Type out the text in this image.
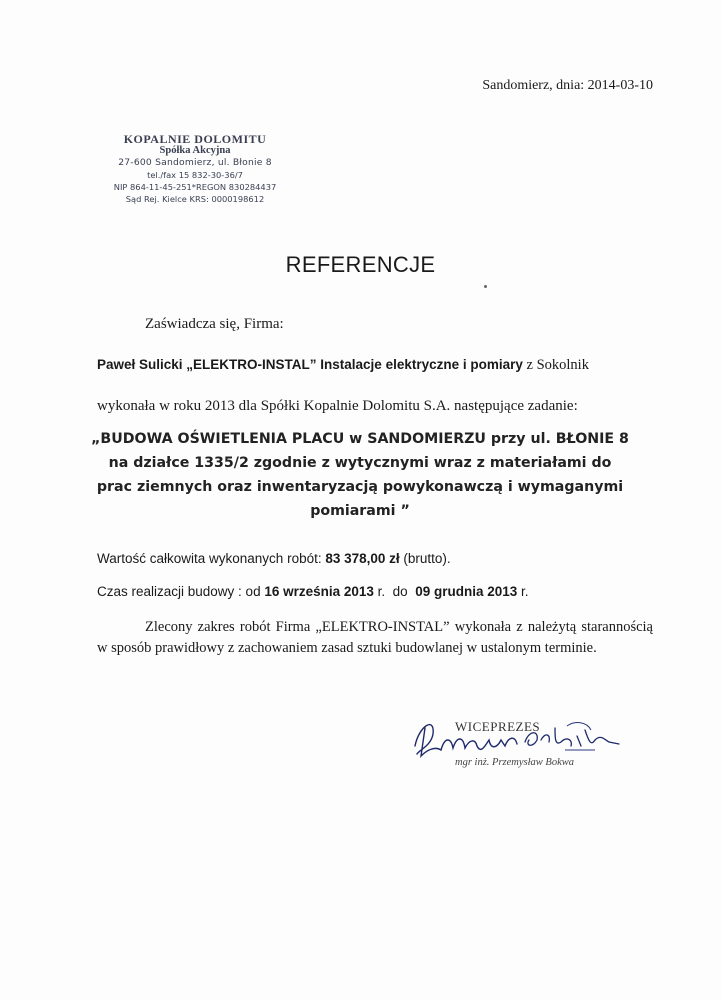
Sandomierz, dnia: 2014-03-10
KOPALNIE DOLOMITU
Spółka Akcyjna
27-600 Sandomierz, ul. Błonie 8
tel./fax 15 832-30-36/7
NIP 864-11-45-251*REGON 830284437
Sąd Rej. Kielce KRS: 0000198612
REFERENCJE
Zaświadcza się, Firma:
Paweł Sulicki „ELEKTRO-INSTAL” Instalacje elektryczne i pomiary z Sokolnik
wykonała w roku 2013 dla Spółki Kopalnie Dolomitu S.A. następujące zadanie:
„BUDOWA OŚWIETLENIA PLACU w SANDOMIERZU przy ul. BŁONIE 8
na działce 1335/2 zgodnie z wytycznymi wraz z materiałami do
prac ziemnych oraz inwentaryzacją powykonawczą i wymaganymi
pomiarami ”
Wartość całkowita wykonanych robót: 83 378,00 zł (brutto).
Czas realizacji budowy : od 16 września 2013 r.  do  09 grudnia 2013 r.
Zlecony zakres robót Firma „ELEKTRO-INSTAL” wykonała z należytą starannością w sposób prawidłowy z zachowaniem zasad sztuki budowlanej w ustalonym terminie.
WICEPREZES
mgr inż. Przemysław Bokwa
